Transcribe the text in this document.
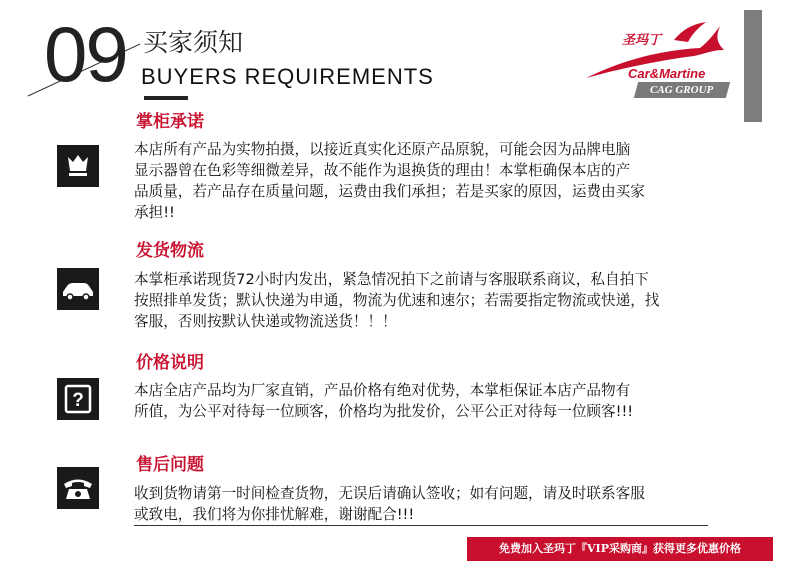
09 买家须知
BUYERS REQUIREMENTS
圣玛丁
Car&Martine
CAG GROUP
掌柜承诺
本店所有产品为实物拍摄，以接近真实化还原产品原貌，可能会因为品牌电脑
显示器曾在色彩等细微差异，故不能作为退换货的理由！本掌柜确保本店的产
品质量，若产品存在质量问题，运费由我们承担；若是买家的原因，运费由买家
承担!!
发货物流
本掌柜承诺现货72小时内发出，紧急情况拍下之前请与客服联系商议，私自拍下
按照排单发货；默认快递为申通，物流为优速和速尔；若需要指定物流或快递，找
客服，否则按默认快递或物流送货！！！
价格说明
?	本店全店产品均为厂家直销，产品价格有绝对优势，本掌柜保证本店产品物有
所值，为公平对待每一位顾客，价格均为批发价，公平公正对待每一位顾客!!!
售后问题
收到货物请第一时间检查货物，无误后请确认签收；如有问题，请及时联系客服
或致电，我们将为你排忧解难，谢谢配合!!!
免费加入圣玛丁『VIP采购商』获得更多优惠价格
